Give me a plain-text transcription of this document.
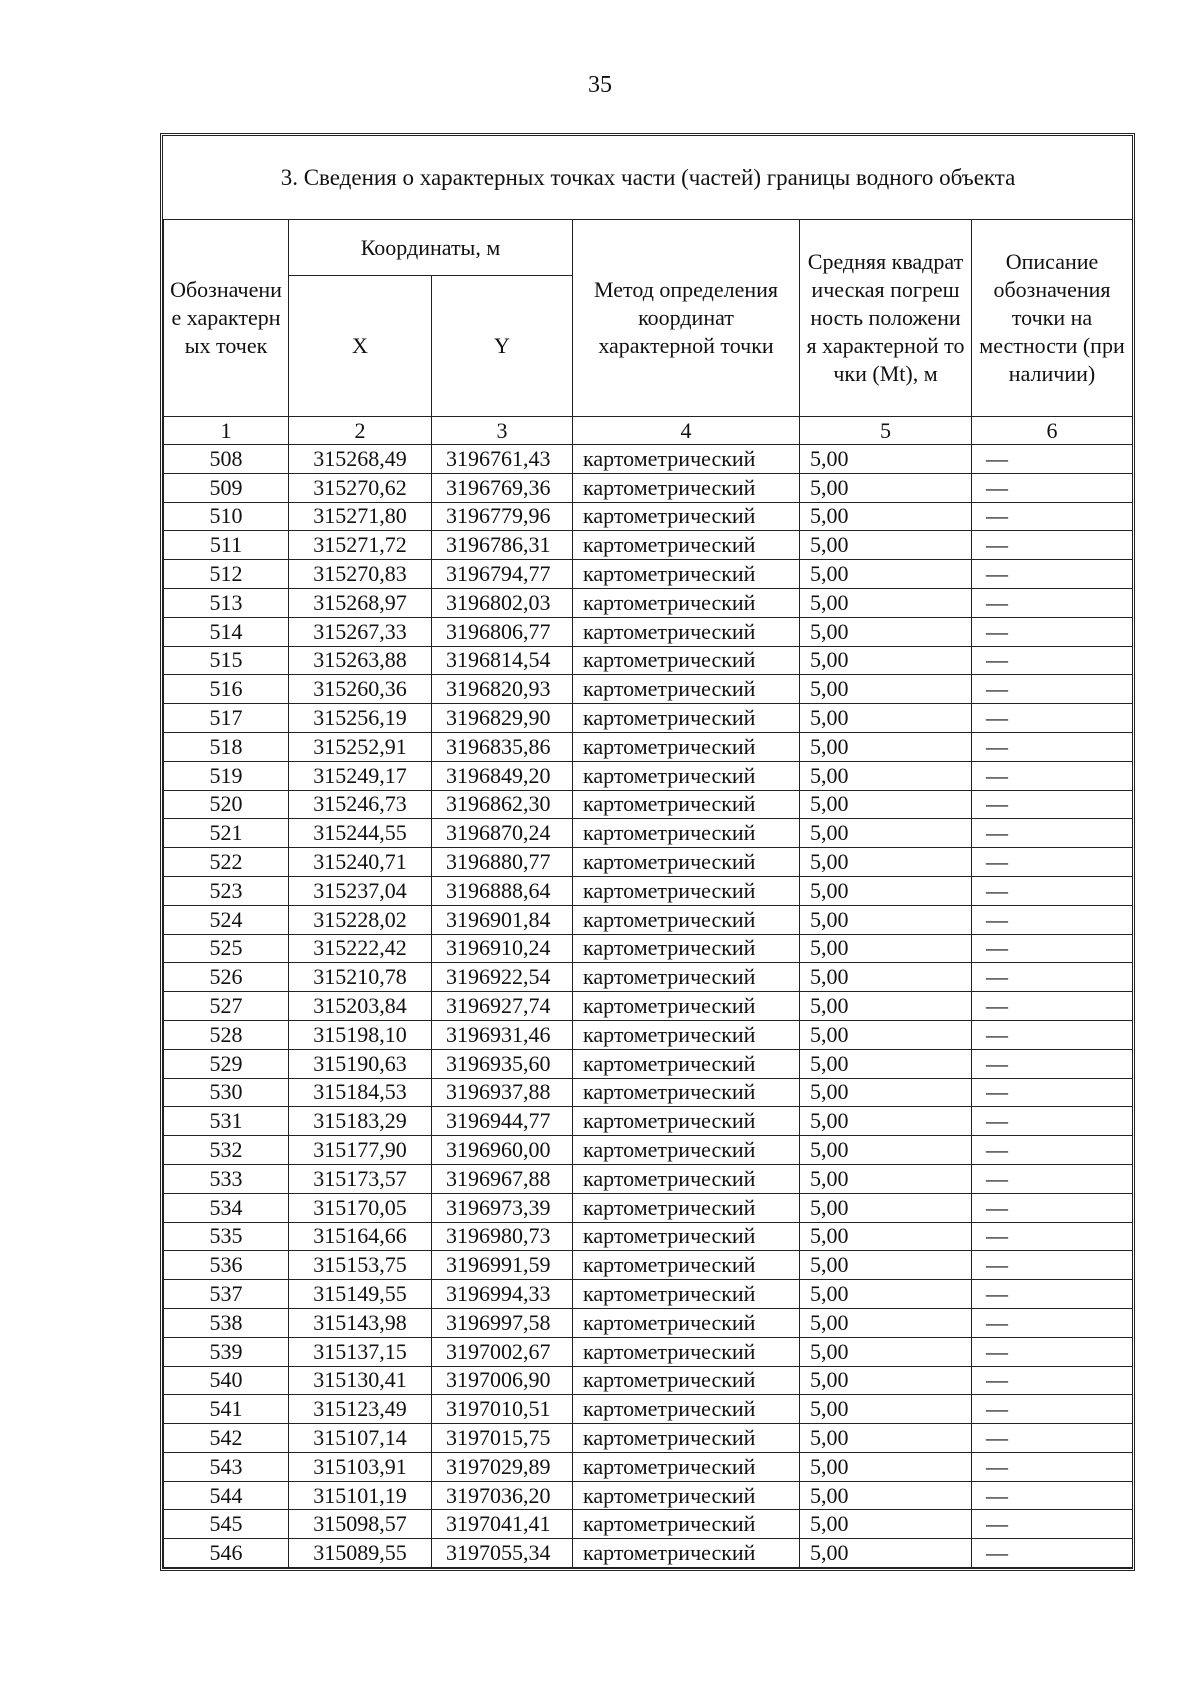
35
3. Сведения о характерных точках части (частей) границы водного объекта					
Обозначение характерных точек	Координаты, м		Метод определения координат характерной точки	Средняя квадратическая погрешность положения характерной точки (Mt), м	Описание обозначения точки на местности (при наличии)
	X	Y			
1	2	3	4	5	6
508	315268,49	3196761,43	картометрический	5,00	—
509	315270,62	3196769,36	картометрический	5,00	—
510	315271,80	3196779,96	картометрический	5,00	—
511	315271,72	3196786,31	картометрический	5,00	—
512	315270,83	3196794,77	картометрический	5,00	—
513	315268,97	3196802,03	картометрический	5,00	—
514	315267,33	3196806,77	картометрический	5,00	—
515	315263,88	3196814,54	картометрический	5,00	—
516	315260,36	3196820,93	картометрический	5,00	—
517	315256,19	3196829,90	картометрический	5,00	—
518	315252,91	3196835,86	картометрический	5,00	—
519	315249,17	3196849,20	картометрический	5,00	—
520	315246,73	3196862,30	картометрический	5,00	—
521	315244,55	3196870,24	картометрический	5,00	—
522	315240,71	3196880,77	картометрический	5,00	—
523	315237,04	3196888,64	картометрический	5,00	—
524	315228,02	3196901,84	картометрический	5,00	—
525	315222,42	3196910,24	картометрический	5,00	—
526	315210,78	3196922,54	картометрический	5,00	—
527	315203,84	3196927,74	картометрический	5,00	—
528	315198,10	3196931,46	картометрический	5,00	—
529	315190,63	3196935,60	картометрический	5,00	—
530	315184,53	3196937,88	картометрический	5,00	—
531	315183,29	3196944,77	картометрический	5,00	—
532	315177,90	3196960,00	картометрический	5,00	—
533	315173,57	3196967,88	картометрический	5,00	—
534	315170,05	3196973,39	картометрический	5,00	—
535	315164,66	3196980,73	картометрический	5,00	—
536	315153,75	3196991,59	картометрический	5,00	—
537	315149,55	3196994,33	картометрический	5,00	—
538	315143,98	3196997,58	картометрический	5,00	—
539	315137,15	3197002,67	картометрический	5,00	—
540	315130,41	3197006,90	картометрический	5,00	—
541	315123,49	3197010,51	картометрический	5,00	—
542	315107,14	3197015,75	картометрический	5,00	—
543	315103,91	3197029,89	картометрический	5,00	—
544	315101,19	3197036,20	картометрический	5,00	—
545	315098,57	3197041,41	картометрический	5,00	—
546	315089,55	3197055,34	картометрический	5,00	—
